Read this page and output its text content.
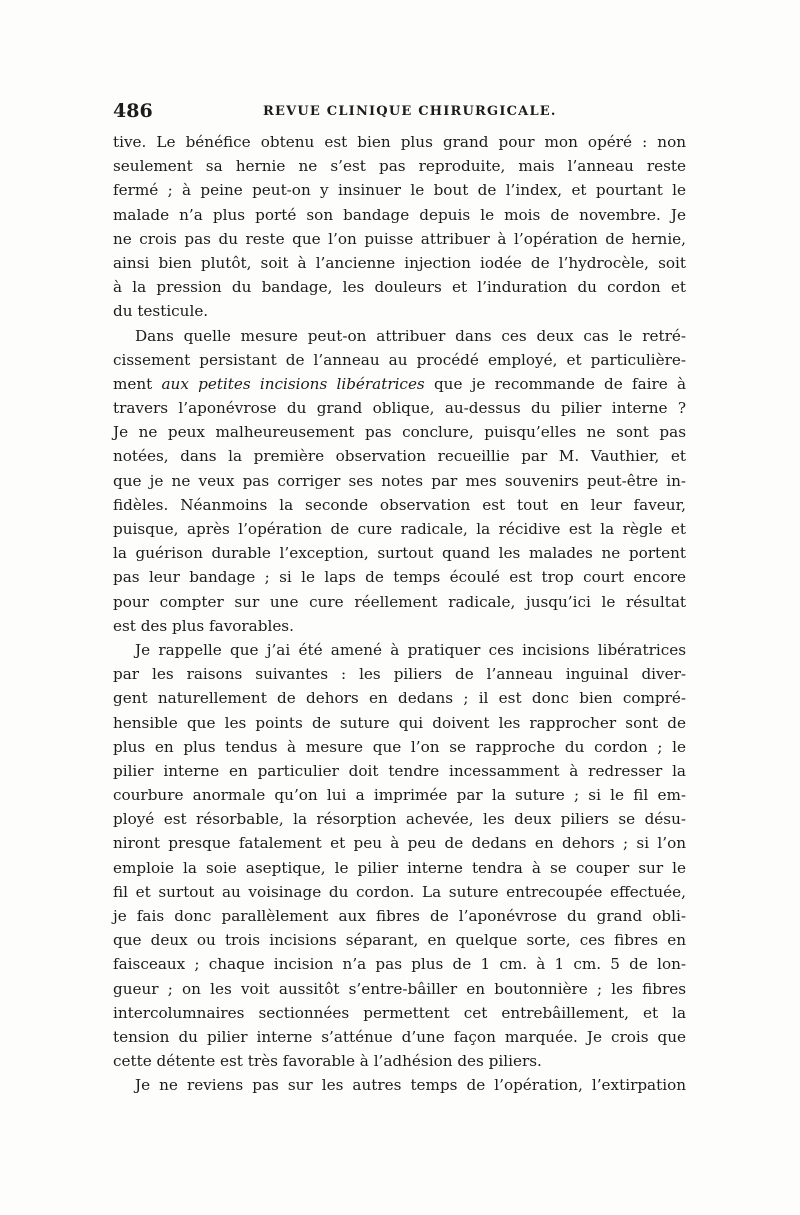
486	REVUE CLINIQUE CHIRURGICALE.
tive. Le bénéfice obtenu est bien plus grand pour mon opéré : non
seulement sa hernie ne s’est pas reproduite, mais l’anneau reste
fermé ; à peine peut-on y insinuer le bout de l’index, et pourtant le
malade n’a plus porté son bandage depuis le mois de novembre. Je
ne crois pas du reste que l’on puisse attribuer à l’opération de hernie,
ainsi bien plutôt, soit à l’ancienne injection iodée de l’hydrocèle, soit
à la pression du bandage, les douleurs et l’induration du cordon et
du testicule.
Dans quelle mesure peut-on attribuer dans ces deux cas le retré-
cissement persistant de l’anneau au procédé employé, et particulière-
ment aux petites incisions libératrices que je recommande de faire à
travers l’aponévrose du grand oblique, au-dessus du pilier interne ?
Je ne peux malheureusement pas conclure, puisqu’elles ne sont pas
notées, dans la première observation recueillie par M. Vauthier, et
que je ne veux pas corriger ses notes par mes souvenirs peut-être in-
fidèles. Néanmoins la seconde observation est tout en leur faveur,
puisque, après l’opération de cure radicale, la récidive est la règle et
la guérison durable l’exception, surtout quand les malades ne portent
pas leur bandage ; si le laps de temps écoulé est trop court encore
pour compter sur une cure réellement radicale, jusqu’ici le résultat
est des plus favorables.
Je rappelle que j’ai été amené à pratiquer ces incisions libératrices
par les raisons suivantes : les piliers de l’anneau inguinal diver-
gent naturellement de dehors en dedans ; il est donc bien compré-
hensible que les points de suture qui doivent les rapprocher sont de
plus en plus tendus à mesure que l’on se rapproche du cordon ; le
pilier interne en particulier doit tendre incessamment à redresser la
courbure anormale qu’on lui a imprimée par la suture ; si le fil em-
ployé est résorbable, la résorption achevée, les deux piliers se désu-
niront presque fatalement et peu à peu de dedans en dehors ; si l’on
emploie la soie aseptique, le pilier interne tendra à se couper sur le
fil et surtout au voisinage du cordon. La suture entrecoupée effectuée,
je fais donc parallèlement aux fibres de l’aponévrose du grand obli-
que deux ou trois incisions séparant, en quelque sorte, ces fibres en
faisceaux ; chaque incision n’a pas plus de 1 cm. à 1 cm. 5 de lon-
gueur ; on les voit aussitôt s’entre-bâiller en boutonnière ; les fibres
intercolumnaires sectionnées permettent cet entrebâillement, et la
tension du pilier interne s’atténue d’une façon marquée. Je crois que
cette détente est très favorable à l’adhésion des piliers.
Je ne reviens pas sur les autres temps de l’opération, l’extirpation
